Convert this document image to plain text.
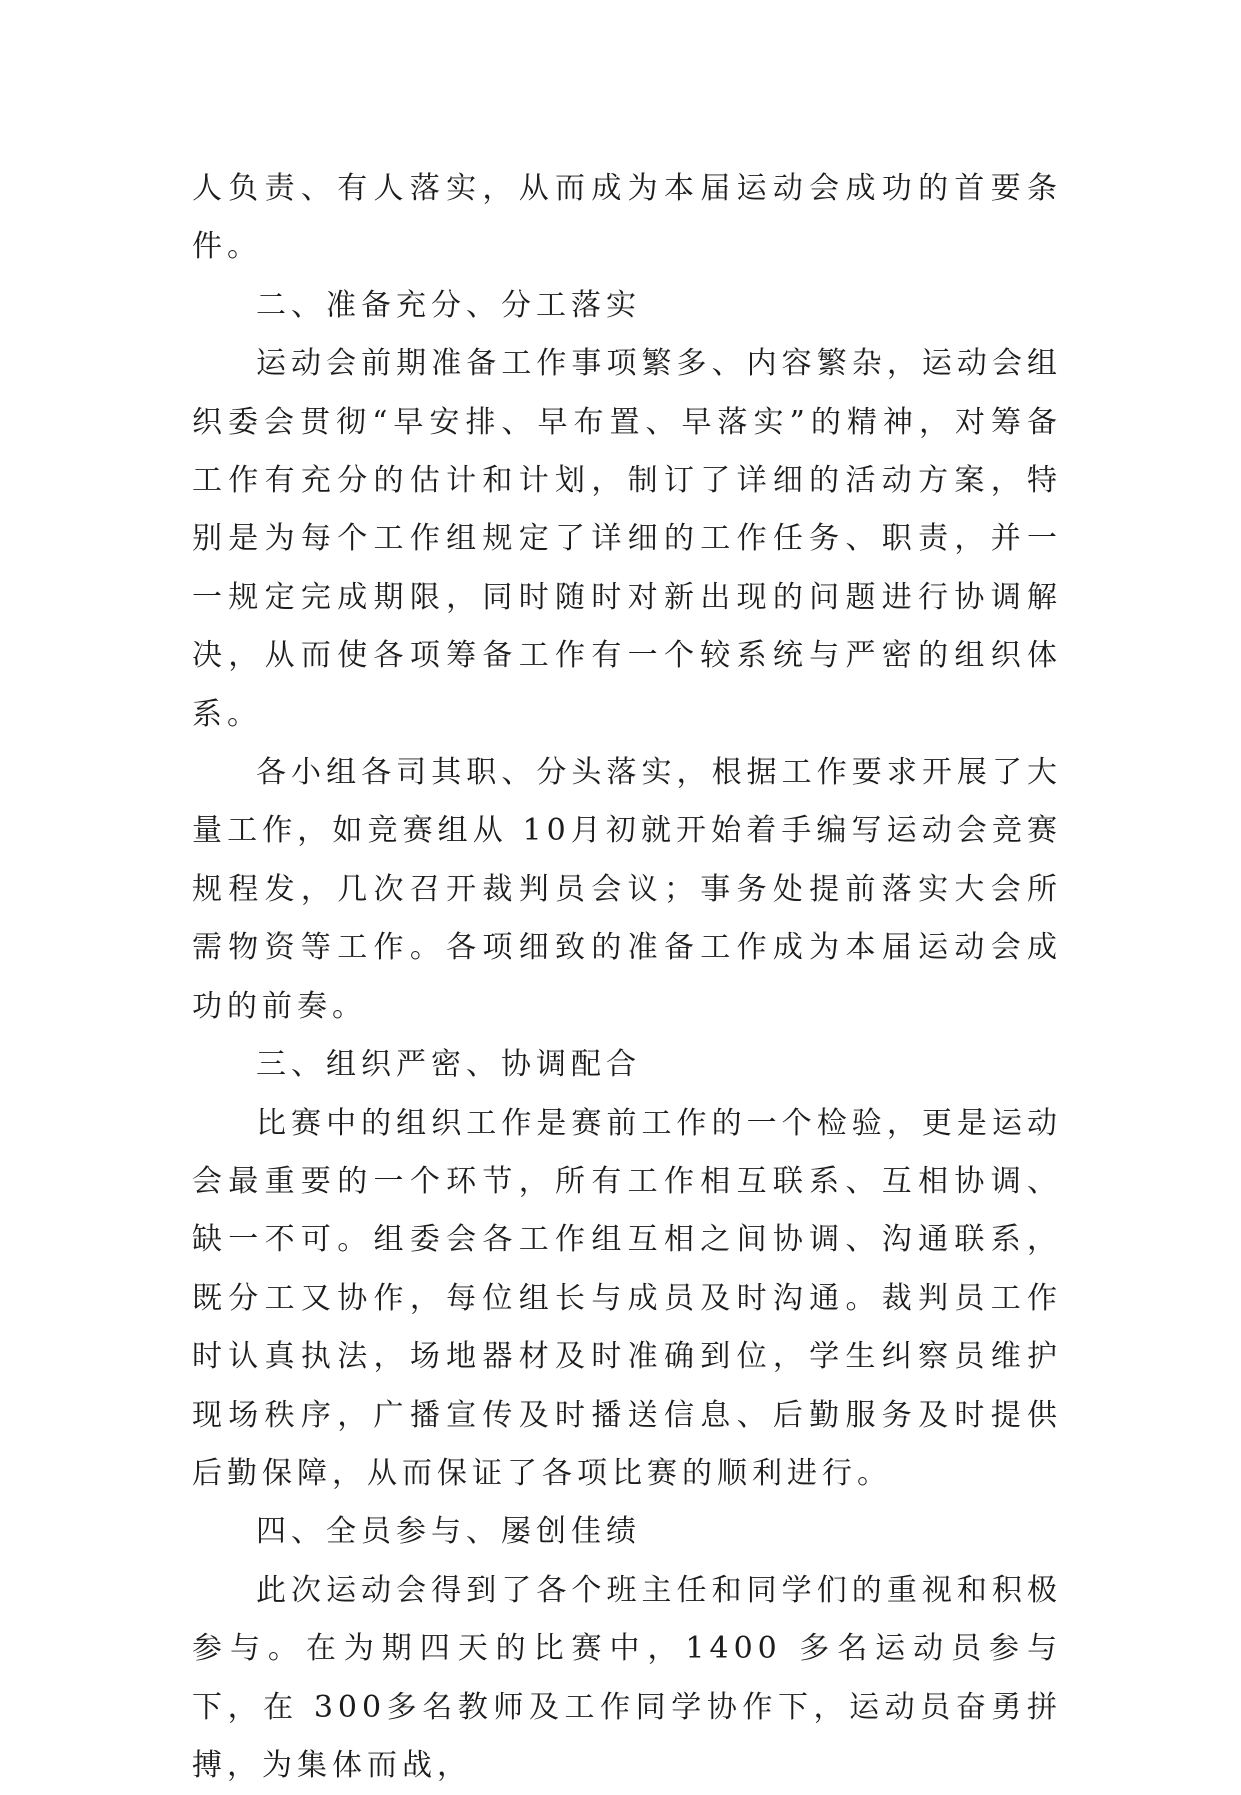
人负责、有人落实，从而成为本届运动会成功的首要条件。

二、准备充分、分工落实

运动会前期准备工作事项繁多、内容繁杂，运动会组织委会贯彻“早安排、早布置、早落实”的精神，对筹备工作有充分的估计和计划，制订了详细的活动方案，特别是为每个工作组规定了详细的工作任务、职责，并一一规定完成期限，同时随时对新出现的问题进行协调解决，从而使各项筹备工作有一个较系统与严密的组织体系。

各小组各司其职、分头落实，根据工作要求开展了大量工作，如竞赛组从 10月初就开始着手编写运动会竞赛规程发，几次召开裁判员会议；事务处提前落实大会所需物资等工作。各项细致的准备工作成为本届运动会成功的前奏。

三、组织严密、协调配合

比赛中的组织工作是赛前工作的一个检验，更是运动会最重要的一个环节，所有工作相互联系、互相协调、缺一不可。组委会各工作组互相之间协调、沟通联系，既分工又协作，每位组长与成员及时沟通。裁判员工作时认真执法，场地器材及时准确到位，学生纠察员维护现场秩序，广播宣传及时播送信息、后勤服务及时提供后勤保障，从而保证了各项比赛的顺利进行。

四、全员参与、屡创佳绩

此次运动会得到了各个班主任和同学们的重视和积极参与。在为期四天的比赛中，1400 多名运动员参与下，在 300多名教师及工作同学协作下，运动员奋勇拼搏，为集体而战，
